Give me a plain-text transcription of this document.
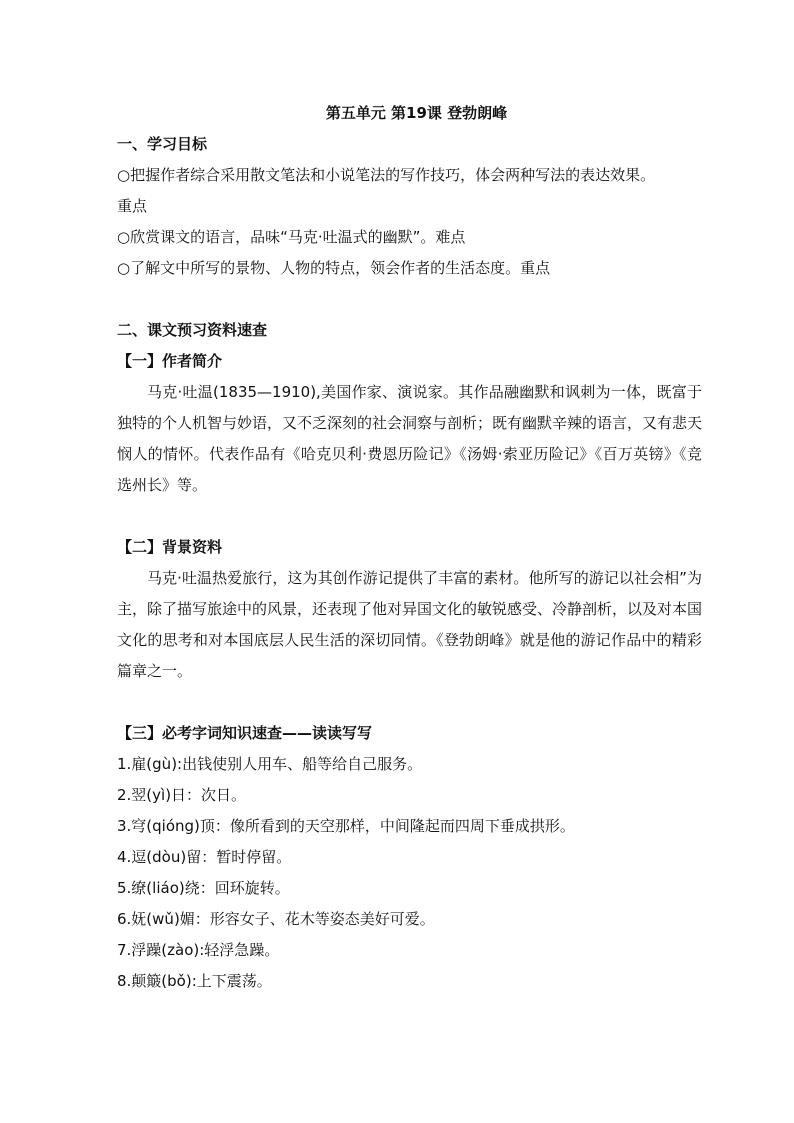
第五单元 第19课 登勃朗峰

一、学习目标

○把握作者综合采用散文笔法和小说笔法的写作技巧，体会两种写法的表达效果。

重点

○欣赏课文的语言，品味“马克·吐温式的幽默”。难点

○了解文中所写的景物、人物的特点，领会作者的生活态度。重点

二、课文预习资料速查

【一】作者简介

马克·吐温(1835—1910),美国作家、演说家。其作品融幽默和讽刺为一体，既富于独特的个人机智与妙语，又不乏深刻的社会洞察与剖析；既有幽默辛辣的语言，又有悲天悯人的情怀。代表作品有《哈克贝利·费恩历险记》《汤姆·索亚历险记》《百万英镑》《竞选州长》等。

【二】背景资料

马克·吐温热爱旅行，这为其创作游记提供了丰富的素材。他所写的游记以社会相”为主，除了描写旅途中的风景，还表现了他对异国文化的敏锐感受、冷静剖析，以及对本国文化的思考和对本国底层人民生活的深切同情。《登勃朗峰》就是他的游记作品中的精彩篇章之一。

【三】必考字词知识速查——读读写写

1.雇(gù):出钱使别人用车、船等给自己服务。

2.翌(yì)日：次日。

3.穹(qióng)顶：像所看到的天空那样，中间隆起而四周下垂成拱形。

4.逗(dòu)留：暂时停留。

5.缭(liáo)绕：回环旋转。

6.妩(wǔ)媚：形容女子、花木等姿态美好可爱。

7.浮躁(zào):轻浮急躁。

8.颠簸(bǒ):上下震荡。
